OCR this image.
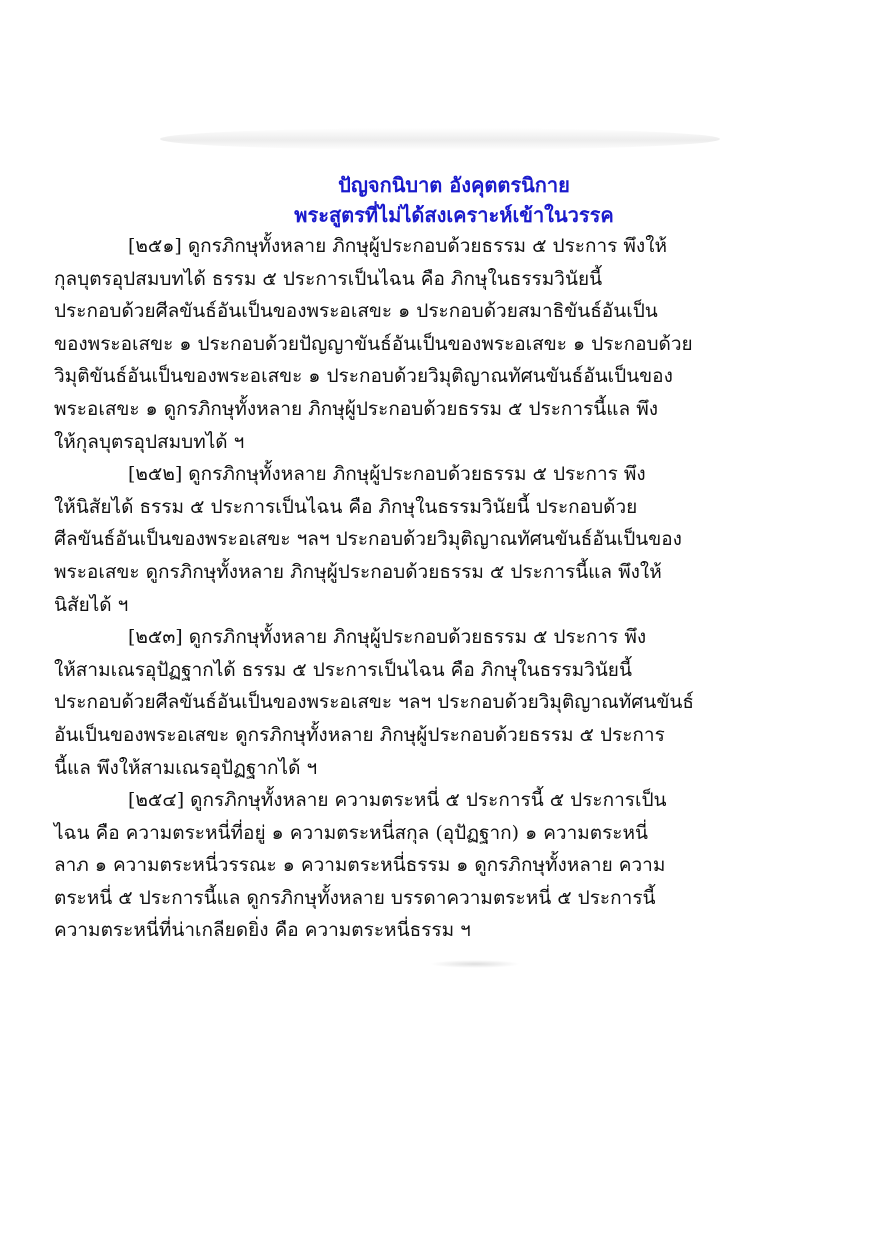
ปัญจกนิบาต อังคุตตรนิกาย
พระสูตรที่ไม่ได้สงเคราะห์เข้าในวรรค
[๒๕๑] ดูกรภิกษุทั้งหลาย ภิกษุผู้ประกอบด้วยธรรม ๕ ประการ พึงให้
กุลบุตรอุปสมบทได้ ธรรม ๕ ประการเป็นไฉน คือ ภิกษุในธรรมวินัยนี้
ประกอบด้วยศีลขันธ์อันเป็นของพระอเสขะ ๑ ประกอบด้วยสมาธิขันธ์อันเป็น
ของพระอเสขะ ๑ ประกอบด้วยปัญญาขันธ์อันเป็นของพระอเสขะ ๑ ประกอบด้วย
วิมุติขันธ์อันเป็นของพระอเสขะ ๑ ประกอบด้วยวิมุติญาณทัศนขันธ์อันเป็นของ
พระอเสขะ ๑ ดูกรภิกษุทั้งหลาย ภิกษุผู้ประกอบด้วยธรรม ๕ ประการนี้แล พึง
ให้กุลบุตรอุปสมบทได้ ฯ
[๒๕๒] ดูกรภิกษุทั้งหลาย ภิกษุผู้ประกอบด้วยธรรม ๕ ประการ พึง
ให้นิสัยได้ ธรรม ๕ ประการเป็นไฉน คือ ภิกษุในธรรมวินัยนี้ ประกอบด้วย
ศีลขันธ์อันเป็นของพระอเสขะ ฯลฯ ประกอบด้วยวิมุติญาณทัศนขันธ์อันเป็นของ
พระอเสขะ ดูกรภิกษุทั้งหลาย ภิกษุผู้ประกอบด้วยธรรม ๕ ประการนี้แล พึงให้
นิสัยได้ ฯ
[๒๕๓] ดูกรภิกษุทั้งหลาย ภิกษุผู้ประกอบด้วยธรรม ๕ ประการ พึง
ให้สามเณรอุปัฏฐากได้ ธรรม ๕ ประการเป็นไฉน คือ ภิกษุในธรรมวินัยนี้
ประกอบด้วยศีลขันธ์อันเป็นของพระอเสขะ ฯลฯ ประกอบด้วยวิมุติญาณทัศนขันธ์
อันเป็นของพระอเสขะ ดูกรภิกษุทั้งหลาย ภิกษุผู้ประกอบด้วยธรรม ๕ ประการ
นี้แล พึงให้สามเณรอุปัฏฐากได้ ฯ
[๒๕๔] ดูกรภิกษุทั้งหลาย ความตระหนี่ ๕ ประการนี้ ๕ ประการเป็น
ไฉน คือ ความตระหนี่ที่อยู่ ๑ ความตระหนี่สกุล (อุปัฏฐาก) ๑ ความตระหนี่
ลาภ ๑ ความตระหนี่วรรณะ ๑ ความตระหนี่ธรรม ๑ ดูกรภิกษุทั้งหลาย ความ
ตระหนี่ ๕ ประการนี้แล ดูกรภิกษุทั้งหลาย บรรดาความตระหนี่ ๕ ประการนี้
ความตระหนี่ที่น่าเกลียดยิ่ง คือ ความตระหนี่ธรรม ฯ
